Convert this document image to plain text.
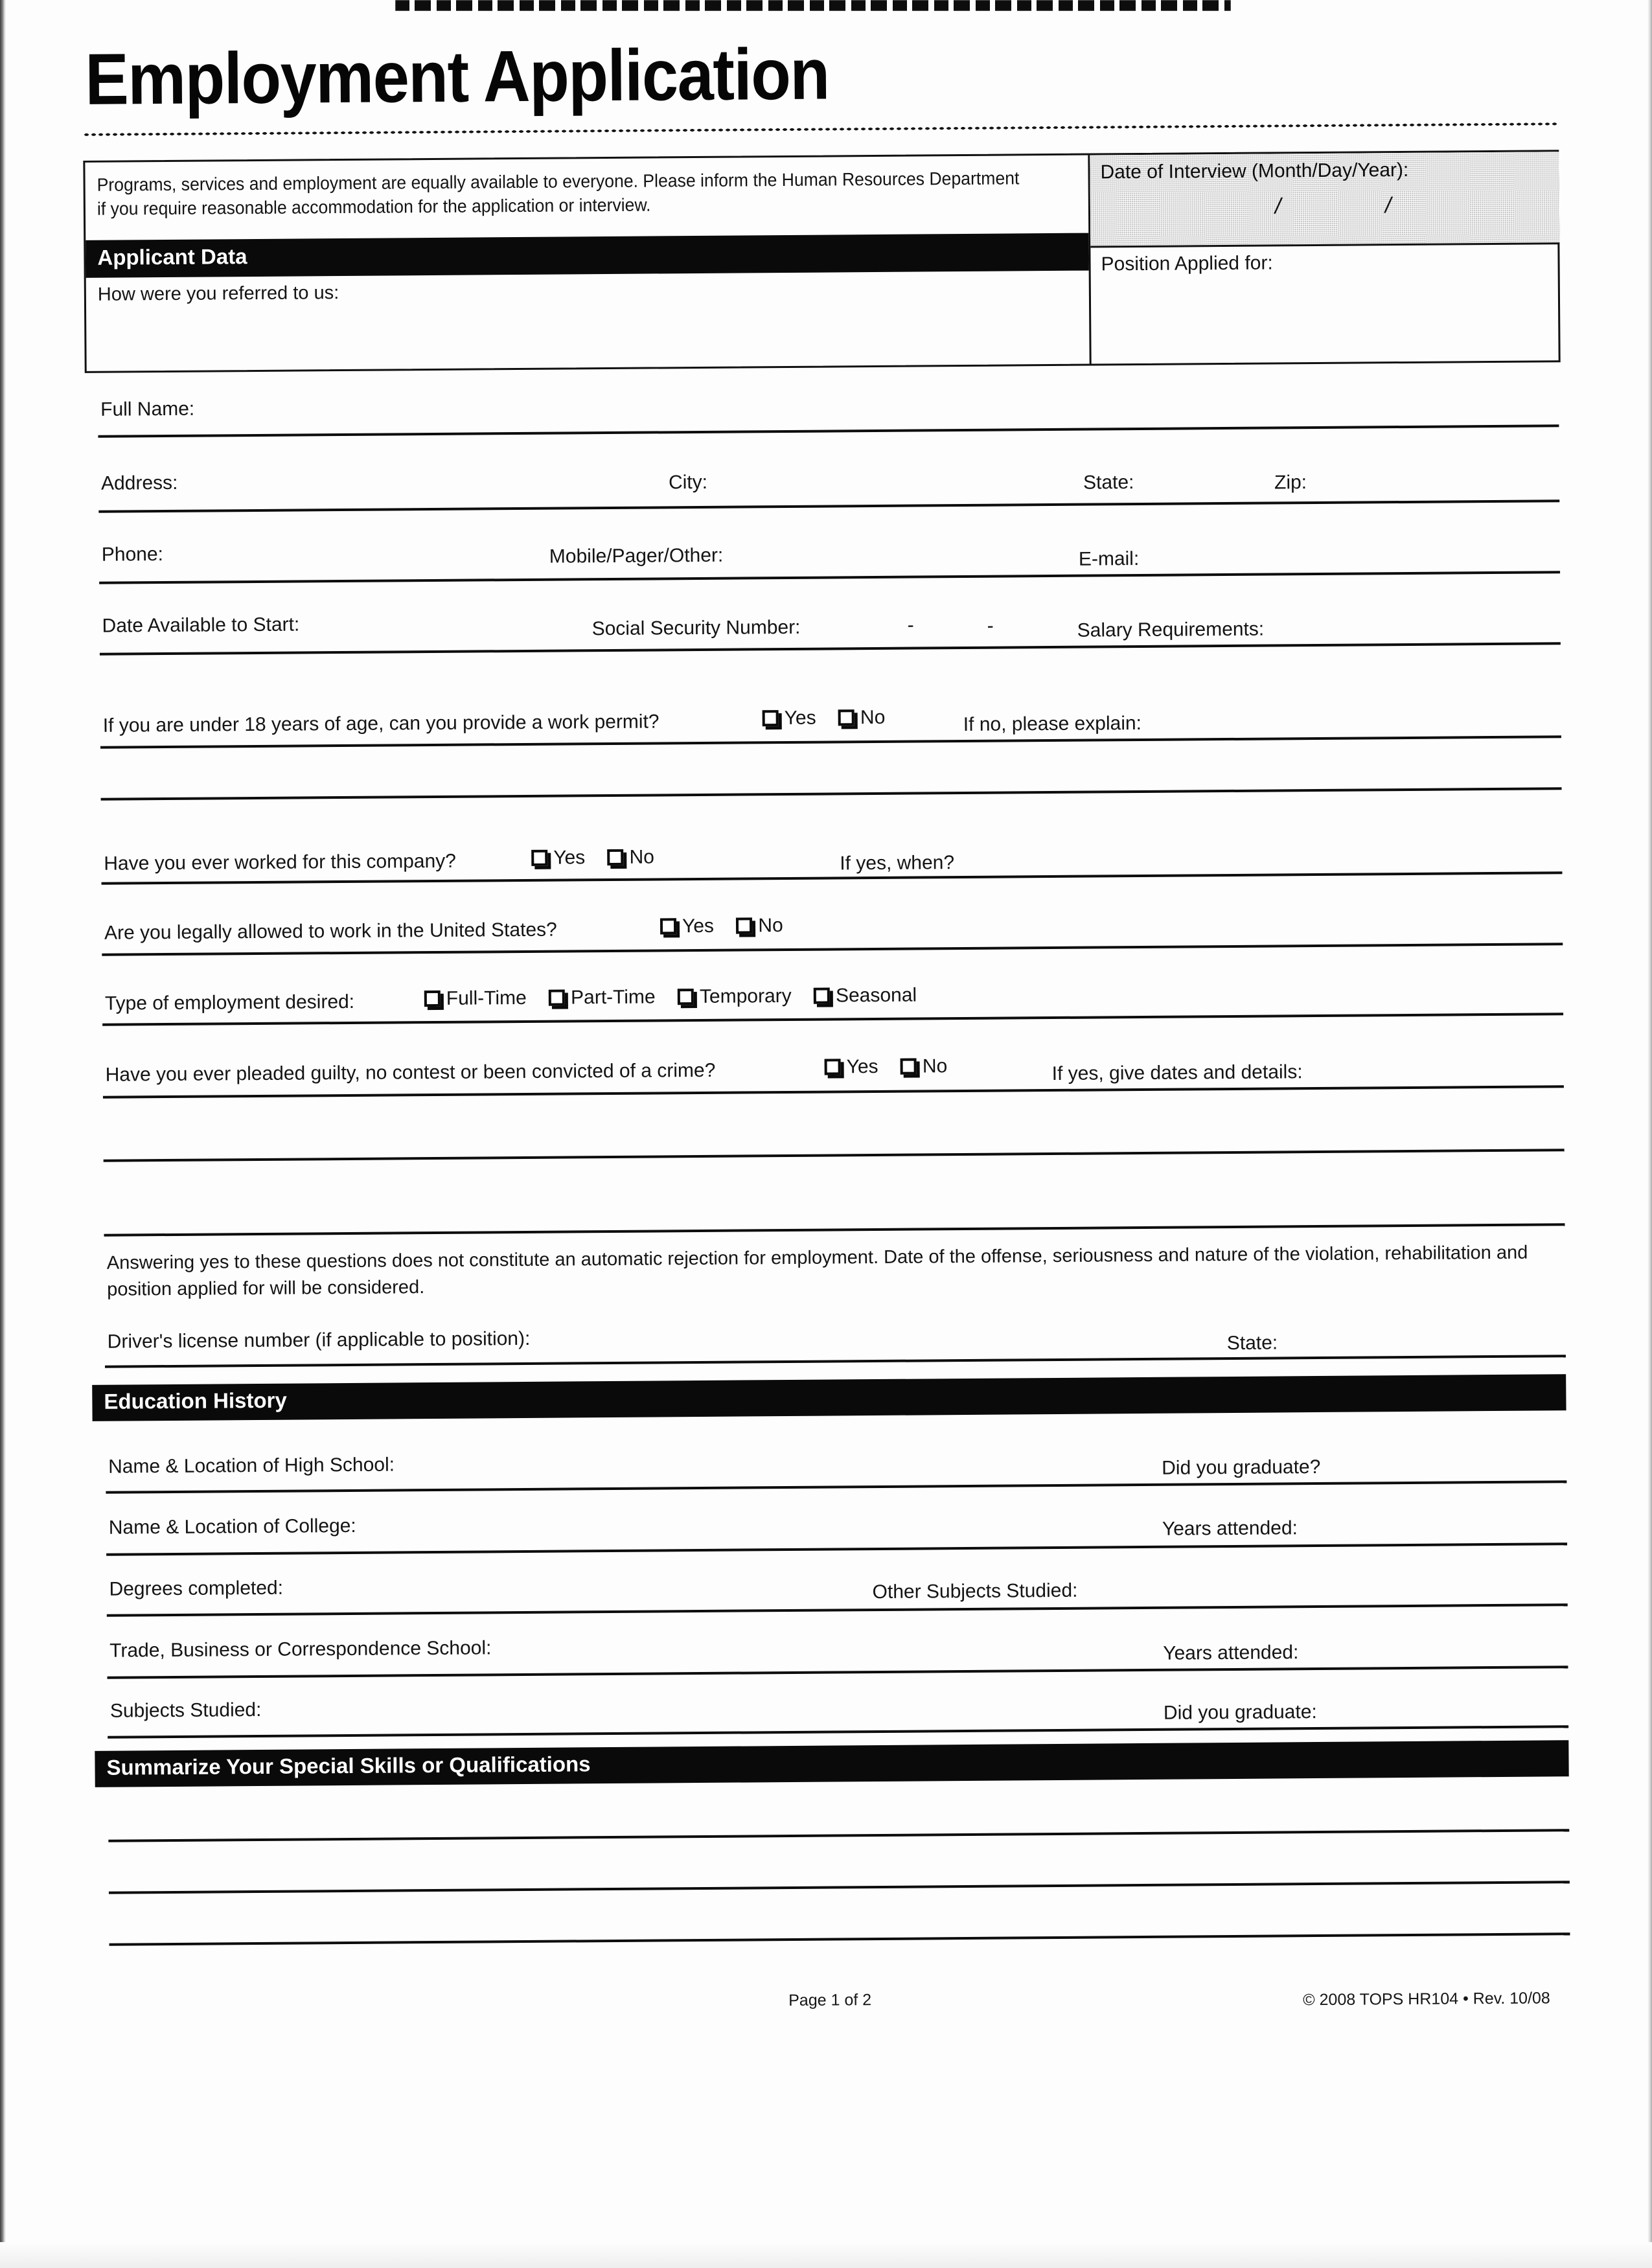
Employment Application
Programs, services and employment are equally available to everyone. Please inform the Human Resources Department if you require reasonable accommodation for the application or interview.
Applicant Data
How were you referred to us:
Date of Interview (Month/Day/Year):
/	/
Position Applied for:
Full Name:
Address:	City:	State:	Zip:
Phone:	Mobile/Pager/Other:	E-mail:
Date Available to Start:	Social Security Number:	-	-	Salary Requirements:
If you are under 18 years of age, can you provide a work permit?	Yes No	If no, please explain:
Have you ever worked for this company?	Yes No	If yes, when?
Are you legally allowed to work in the United States?	Yes No
Type of employment desired:	Full-Time Part-Time Temporary Seasonal
Have you ever pleaded guilty, no contest or been convicted of a crime?	Yes No	If yes, give dates and details:
Answering yes to these questions does not constitute an automatic rejection for employment. Date of the offense, seriousness and nature of the violation, rehabilitation and position applied for will be considered.
Driver's license number (if applicable to position):	State:
Education History
Name & Location of High School:	Did you graduate?
Name & Location of College:	Years attended:
Degrees completed:	Other Subjects Studied:
Trade, Business or Correspondence School:	Years attended:
Subjects Studied:	Did you graduate:
Summarize Your Special Skills or Qualifications
Page 1 of 2	© 2008 TOPS HR104 • Rev. 10/08
